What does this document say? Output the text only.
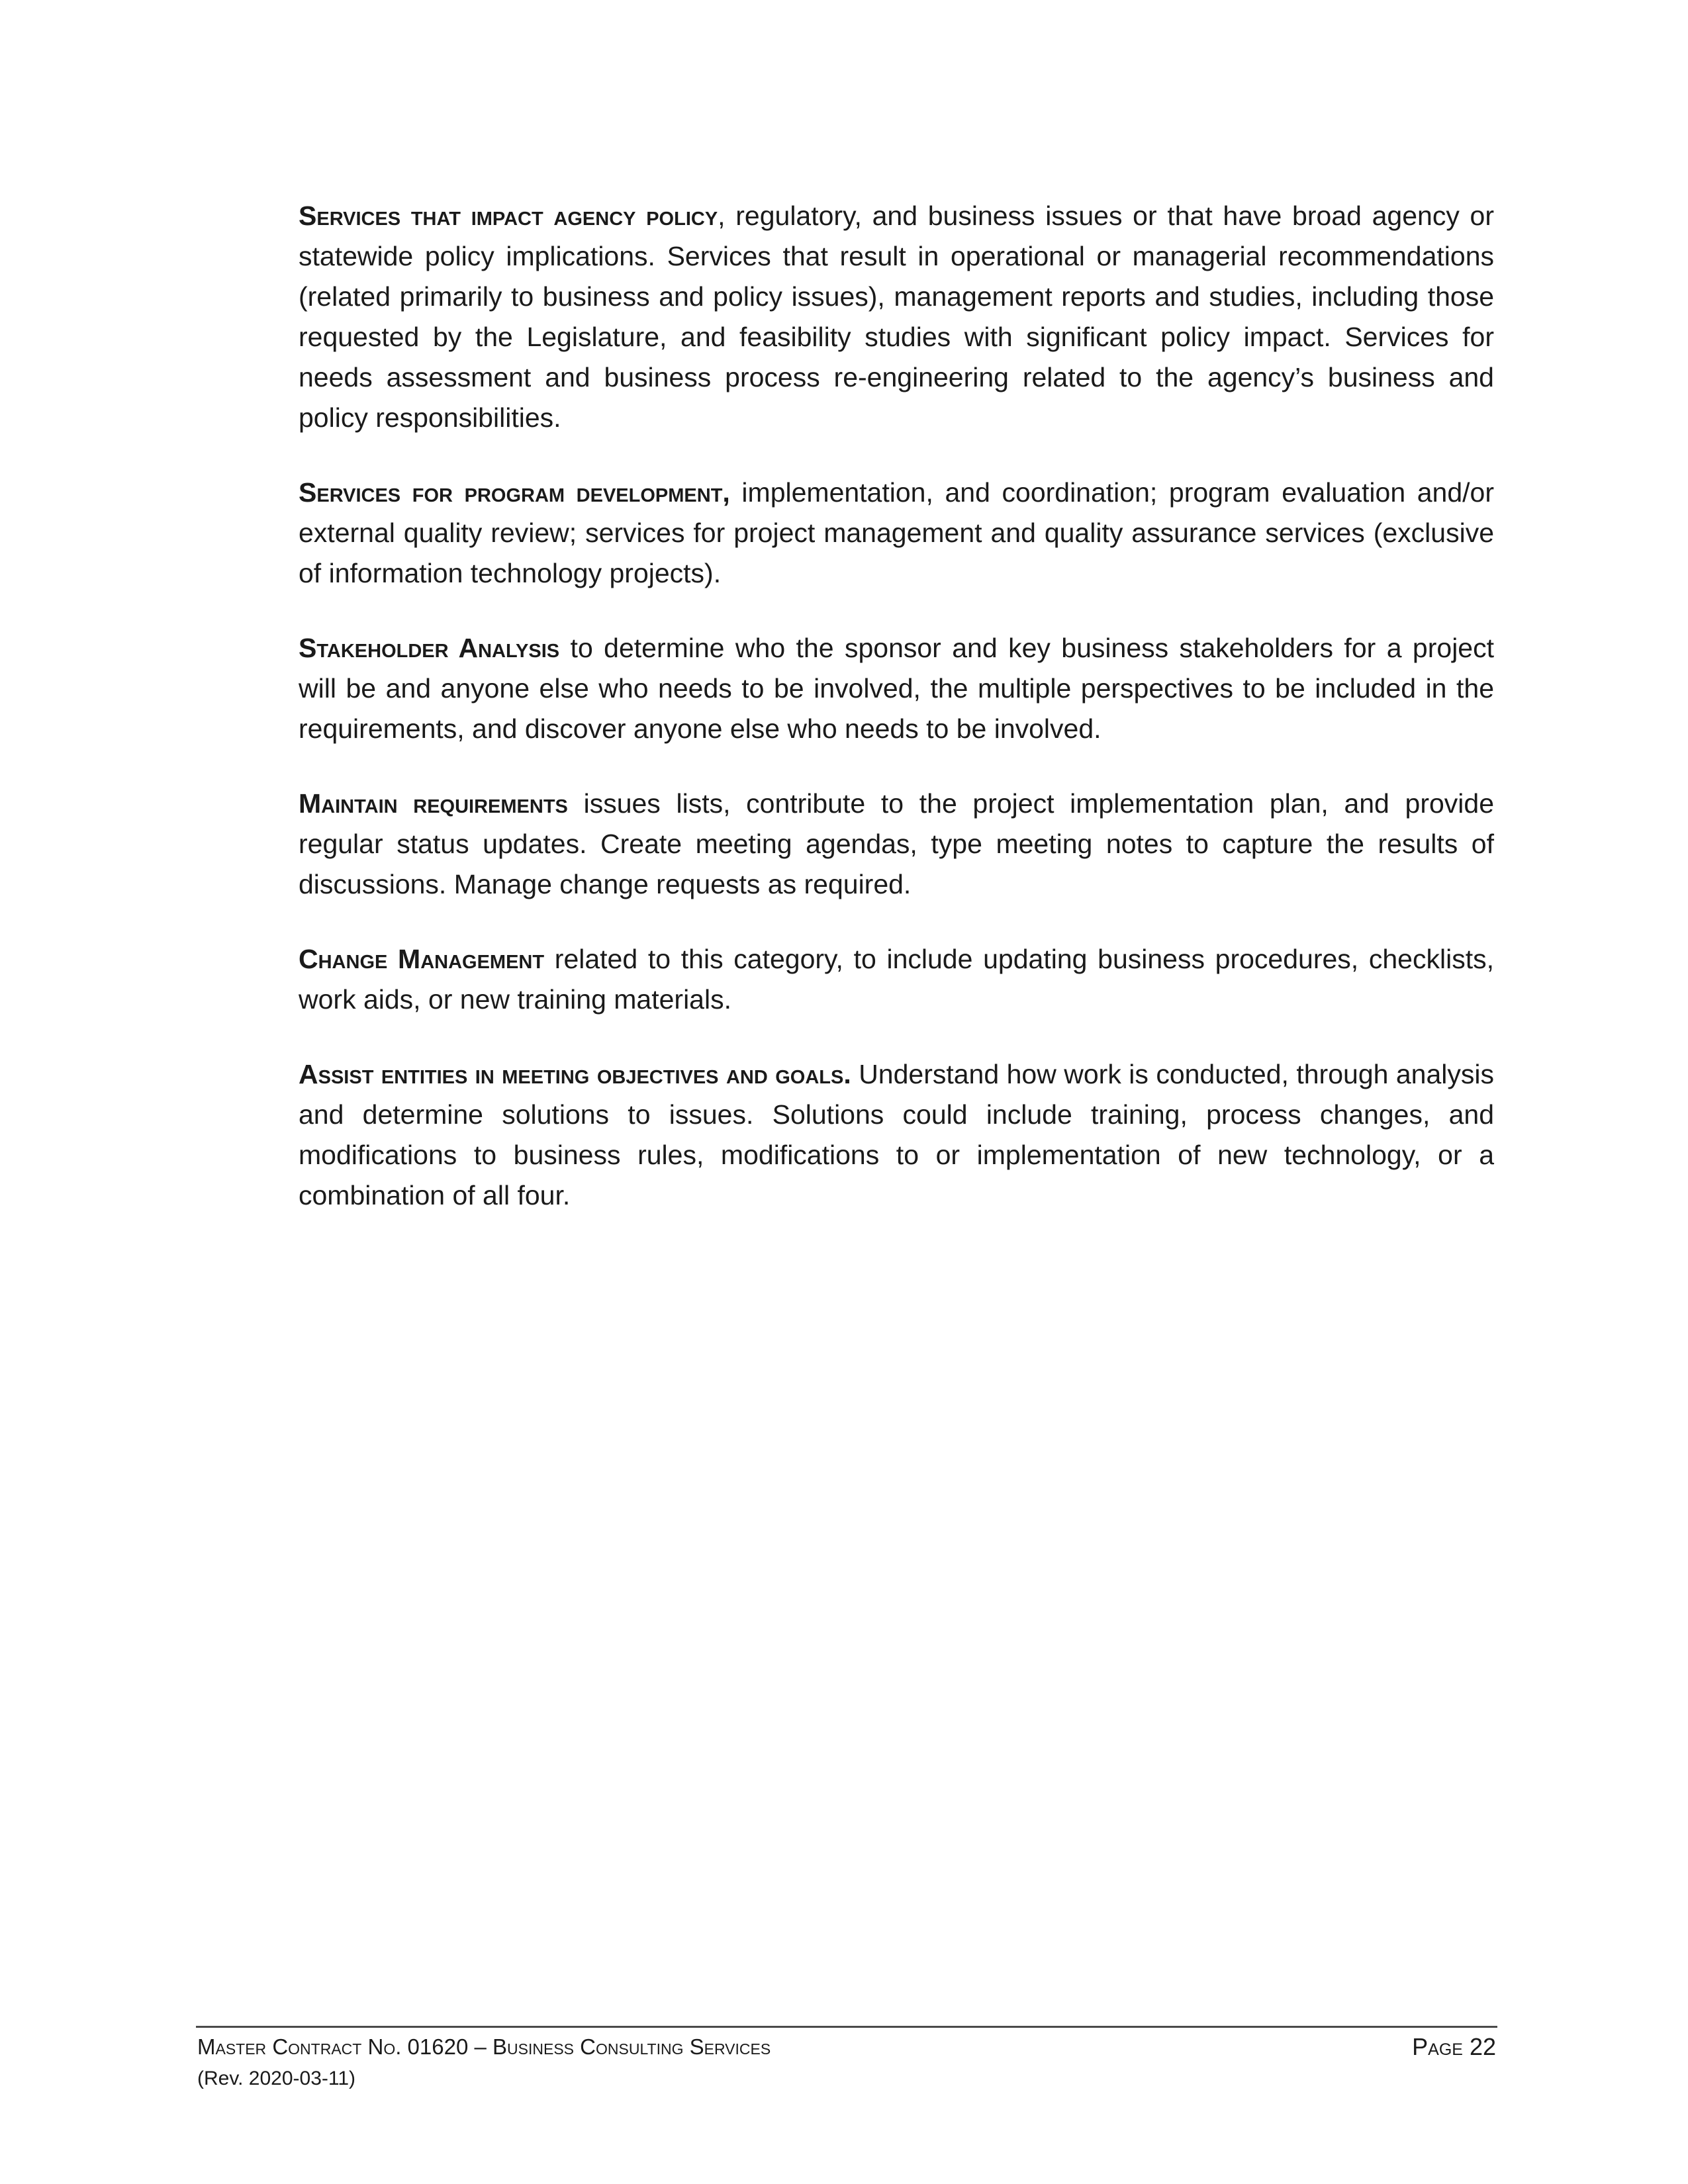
Services that impact agency policy, regulatory, and business issues or that have broad agency or statewide policy implications. Services that result in operational or managerial recommendations (related primarily to business and policy issues), management reports and studies, including those requested by the Legislature, and feasibility studies with significant policy impact. Services for needs assessment and business process re-engineering related to the agency’s business and policy responsibilities.

Services for program development, implementation, and coordination; program evaluation and/or external quality review; services for project management and quality assurance services (exclusive of information technology projects).

Stakeholder Analysis to determine who the sponsor and key business stakeholders for a project will be and anyone else who needs to be involved, the multiple perspectives to be included in the requirements, and discover anyone else who needs to be involved.

Maintain requirements issues lists, contribute to the project implementation plan, and provide regular status updates. Create meeting agendas, type meeting notes to capture the results of discussions. Manage change requests as required.

Change Management related to this category, to include updating business procedures, checklists, work aids, or new training materials.

Assist entities in meeting objectives and goals. Understand how work is conducted, through analysis and determine solutions to issues. Solutions could include training, process changes, and modifications to business rules, modifications to or implementation of new technology, or a combination of all four.

Master Contract No. 01620 – Business Consulting Services	Page 22
(Rev. 2020-03-11)
